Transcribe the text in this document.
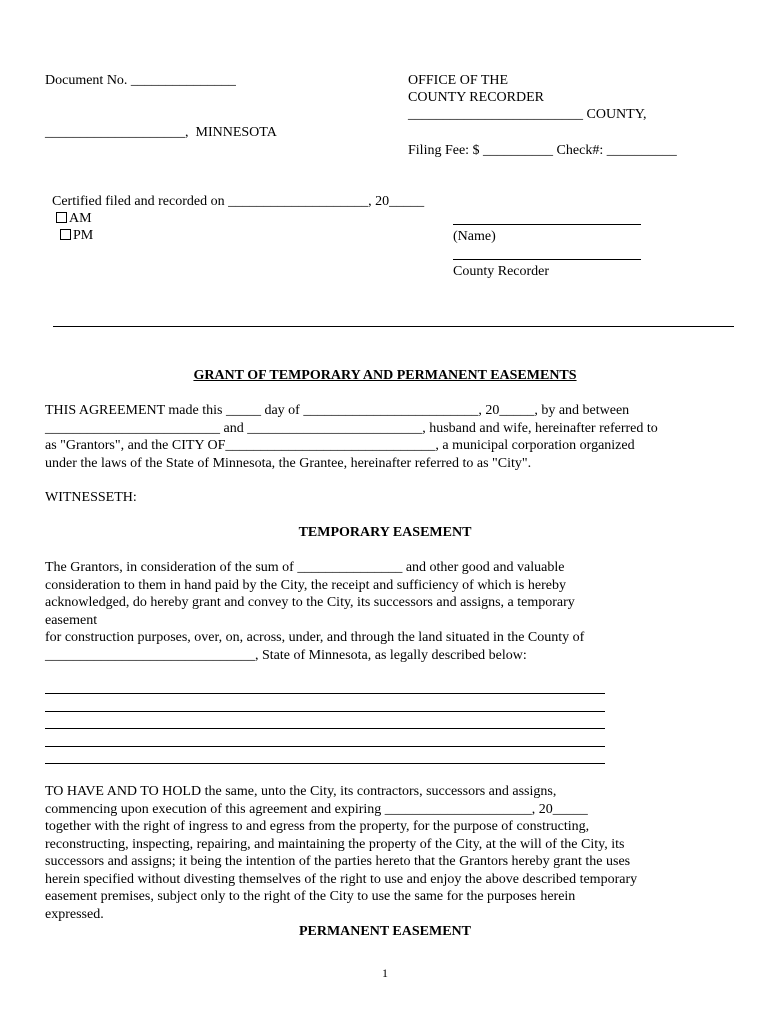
Document No. _______________
____________________,  MINNESOTA
OFFICE OF THE
COUNTY RECORDER
_________________________ COUNTY,
Filing Fee: $ __________ Check#: __________

Certified filed and recorded on ____________________, 20_____
AM
PM	(Name)
County Recorder
GRANT OF TEMPORARY AND PERMANENT EASEMENTS
THIS AGREEMENT made this _____ day of _________________________, 20_____, by and between
_________________________ and _________________________, husband and wife, hereinafter referred to
as "Grantors", and the CITY OF______________________________, a municipal corporation organized
under the laws of the State of Minnesota, the Grantee, hereinafter referred to as "City".
WITNESSETH:
TEMPORARY EASEMENT
The Grantors, in consideration of the sum of _______________ and other good and valuable
consideration to them in hand paid by the City, the receipt and sufficiency of which is hereby
acknowledged, do hereby grant and convey to the City, its successors and assigns, a temporary
easement
for construction purposes, over, on, across, under, and through the land situated in the County of
______________________________, State of Minnesota, as legally described below:
TO HAVE AND TO HOLD the same, unto the City, its contractors, successors and assigns,
commencing upon execution of this agreement and expiring _____________________, 20_____
together with the right of ingress to and egress from the property, for the purpose of constructing,
reconstructing, inspecting, repairing, and maintaining the property of the City, at the will of the City, its
successors and assigns; it being the intention of the parties hereto that the Grantors hereby grant the uses
herein specified without divesting themselves of the right to use and enjoy the above described temporary
easement premises, subject only to the right of the City to use the same for the purposes herein
expressed.
PERMANENT EASEMENT
1
